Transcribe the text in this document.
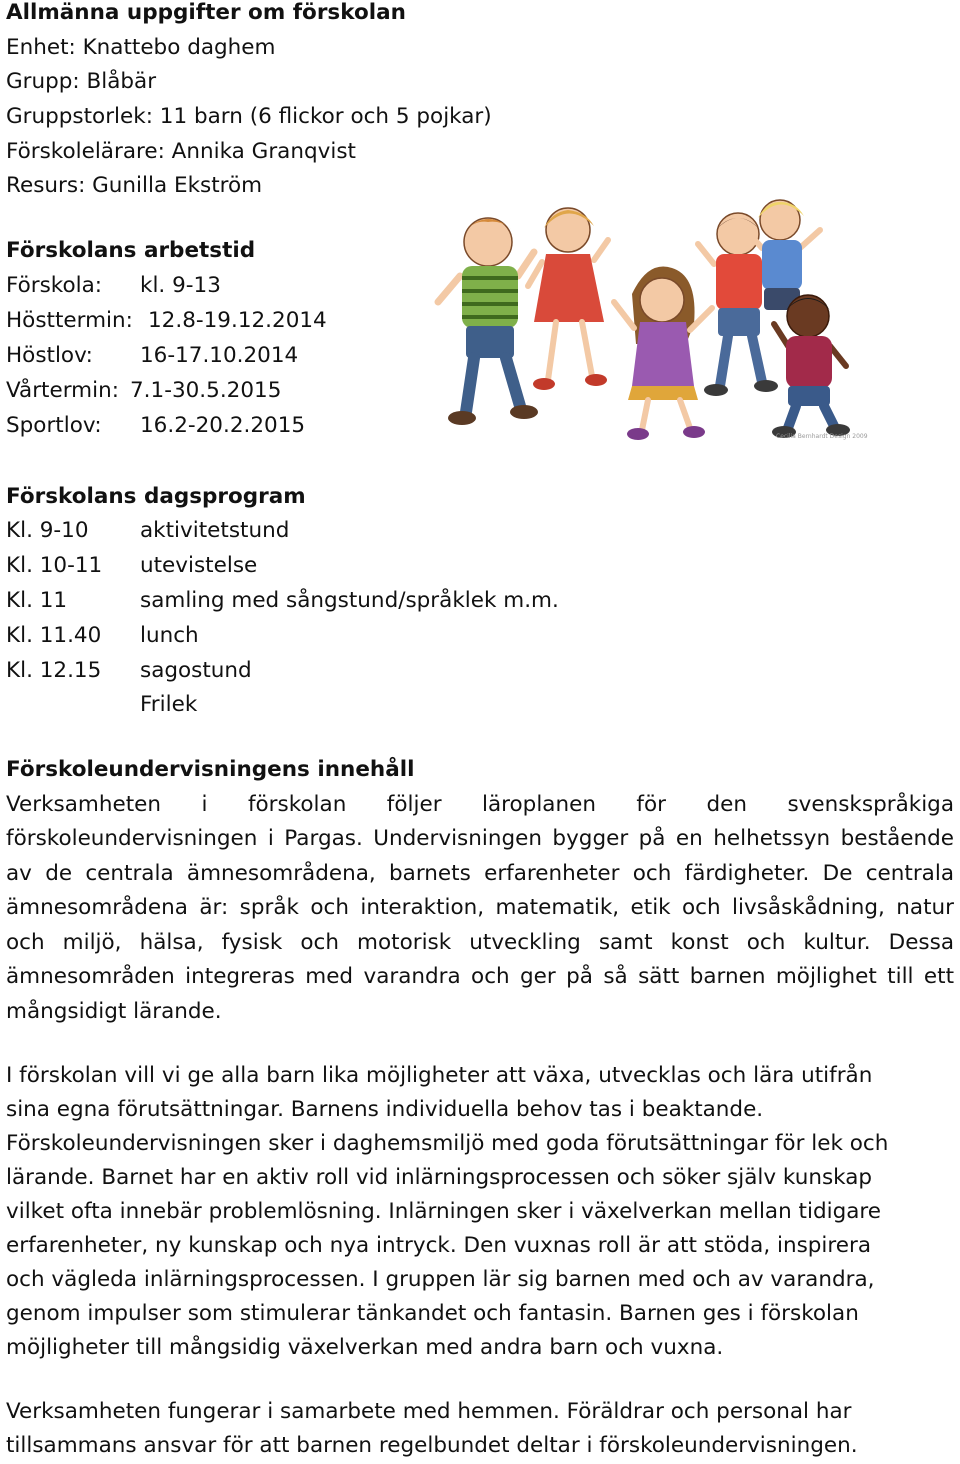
Allmänna uppgifter om förskolan
Enhet: Knattebo daghem
Grupp: Blåbär
Gruppstorlek: 11 barn (6 flickor och 5 pojkar)
Förskolelärare: Annika Granqvist
Resurs: Gunilla Ekström
Förskolans arbetstid
Förskola: kl. 9-13
Hösttermin: 12.8-19.12.2014
Höstlov: 16-17.10.2014
Vårtermin: 7.1-30.5.2015
Sportlov: 16.2-20.2.2015	Cecilia Bernhardt Design 2009
Förskolans dagsprogram
Kl. 9-10 aktivitetstund
Kl. 10-11 utevistelse
Kl. 11	samling med sångstund/språklek m.m.
Kl. 11.40 lunch
Kl. 12.15 sagostund
Frilek
Förskoleundervisningens innehåll
Verksamheten i förskolan följer läroplanen för den svenskspråkiga
förskoleundervisningen i Pargas. Undervisningen bygger på en helhetssyn bestående
av de centrala ämnesområdena, barnets erfarenheter och färdigheter. De centrala
ämnesområdena är: språk och interaktion, matematik, etik och livsåskådning, natur
och miljö, hälsa, fysisk och motorisk utveckling samt konst och kultur. Dessa
ämnesområden integreras med varandra och ger på så sätt barnen möjlighet till ett
mångsidigt lärande.
I förskolan vill vi ge alla barn lika möjligheter att växa, utvecklas och lära utifrån
sina egna förutsättningar. Barnens individuella behov tas i beaktande.
Förskoleundervisningen sker i daghemsmiljö med goda förutsättningar för lek och
lärande. Barnet har en aktiv roll vid inlärningsprocessen och söker själv kunskap
vilket ofta innebär problemlösning. Inlärningen sker i växelverkan mellan tidigare
erfarenheter, ny kunskap och nya intryck. Den vuxnas roll är att stöda, inspirera
och vägleda inlärningsprocessen. I gruppen lär sig barnen med och av varandra,
genom impulser som stimulerar tänkandet och fantasin. Barnen ges i förskolan
möjligheter till mångsidig växelverkan med andra barn och vuxna.
Verksamheten fungerar i samarbete med hemmen. Föräldrar och personal har
tillsammans ansvar för att barnen regelbundet deltar i förskoleundervisningen.
